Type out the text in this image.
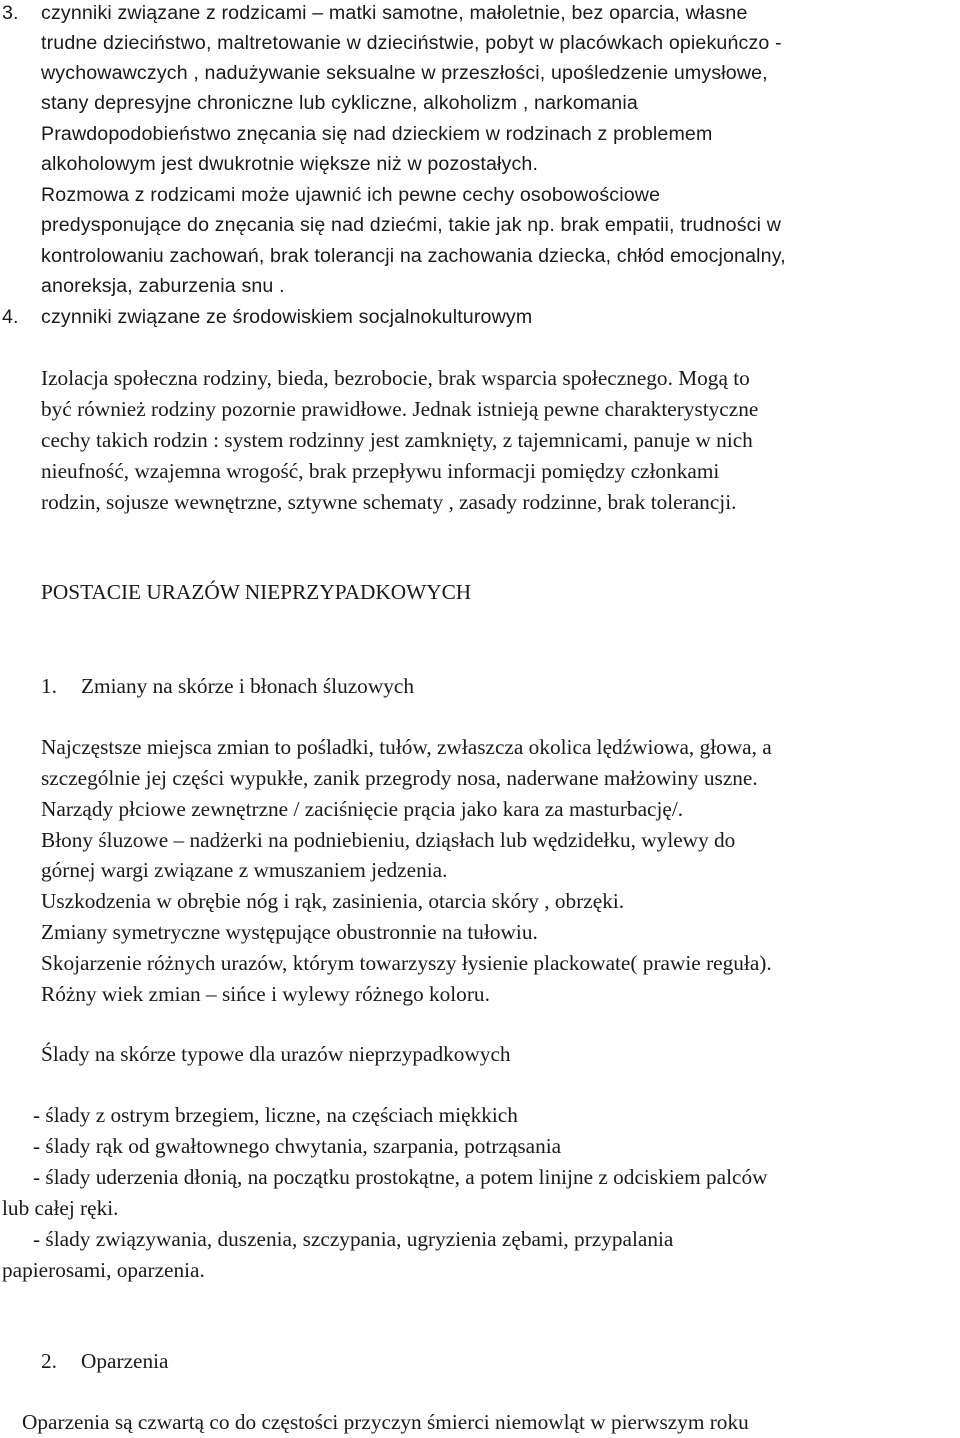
3. czynniki związane z rodzicami – matki samotne, małoletnie, bez oparcia, własne
trudne dzieciństwo, maltretowanie w dzieciństwie, pobyt w placówkach opiekuńczo -
wychowawczych , nadużywanie seksualne w przeszłości, upośledzenie umysłowe,
stany depresyjne chroniczne lub cykliczne, alkoholizm , narkomania
Prawdopodobieństwo znęcania się nad dzieckiem w rodzinach z problemem
alkoholowym jest dwukrotnie większe niż w pozostałych.
Rozmowa z rodzicami może ujawnić ich pewne cechy osobowościowe
predysponujące do znęcania się nad dziećmi, takie jak np. brak empatii, trudności w
kontrolowaniu zachowań, brak tolerancji na zachowania dziecka, chłód emocjonalny,
anoreksja, zaburzenia snu .
4. czynniki związane ze środowiskiem socjalnokulturowym
Izolacja społeczna rodziny, bieda, bezrobocie, brak wsparcia społecznego. Mogą to
być również rodziny pozornie prawidłowe. Jednak istnieją pewne charakterystyczne
cechy takich rodzin : system rodzinny jest zamknięty, z tajemnicami, panuje w nich
nieufność, wzajemna wrogość, brak przepływu informacji pomiędzy członkami
rodzin, sojusze wewnętrzne, sztywne schematy , zasady rodzinne, brak tolerancji.
POSTACIE URAZÓW NIEPRZYPADKOWYCH
1. Zmiany na skórze i błonach śluzowych
Najczęstsze miejsca zmian to pośladki, tułów, zwłaszcza okolica lędźwiowa, głowa, a
szczególnie jej części wypukłe, zanik przegrody nosa, naderwane małżowiny uszne.
Narządy płciowe zewnętrzne / zaciśnięcie prącia jako kara za masturbację/.
Błony śluzowe – nadżerki na podniebieniu, dziąsłach lub wędzidełku, wylewy do
górnej wargi związane z wmuszaniem jedzenia.
Uszkodzenia w obrębie nóg i rąk, zasinienia, otarcia skóry , obrzęki.
Zmiany symetryczne występujące obustronnie na tułowiu.
Skojarzenie różnych urazów, którym towarzyszy łysienie plackowate( prawie reguła).
Różny wiek zmian – sińce i wylewy różnego koloru.
Ślady na skórze typowe dla urazów nieprzypadkowych
- ślady z ostrym brzegiem, liczne, na częściach miękkich
- ślady rąk od gwałtownego chwytania, szarpania, potrząsania
- ślady uderzenia dłonią, na początku prostokątne, a potem linijne z odciskiem palców
lub całej ręki.
- ślady związywania, duszenia, szczypania, ugryzienia zębami, przypalania
papierosami, oparzenia.
2. Oparzenia
Oparzenia są czwartą co do częstości przyczyn śmierci niemowląt w pierwszym roku
